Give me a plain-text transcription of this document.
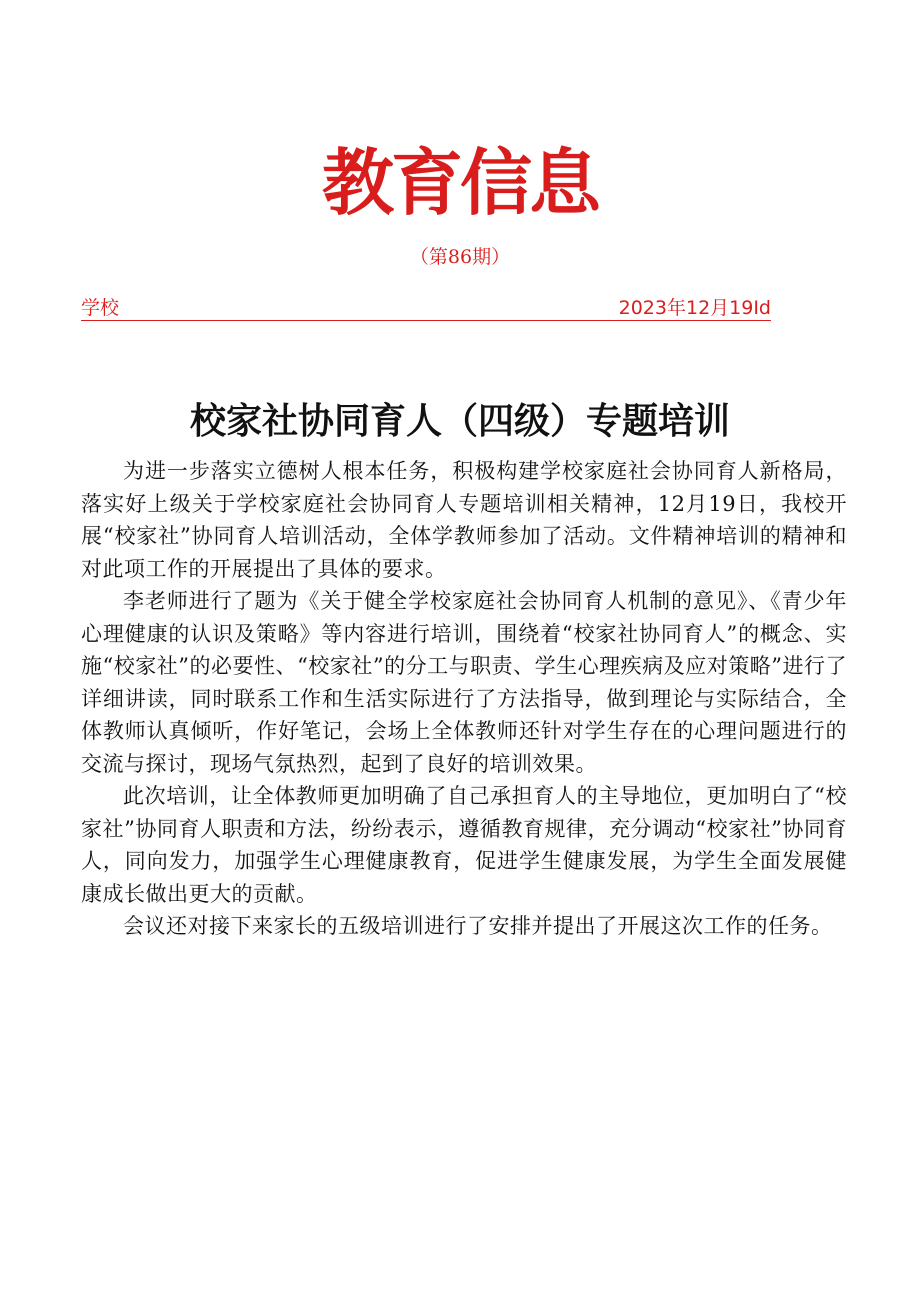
教育信息
（第86期）
学校	2023年12月19Id
校家社协同育人（四级）专题培训

为进一步落实立德树人根本任务，积极构建学校家庭社会协同育人新格局，落实好上级关于学校家庭社会协同育人专题培训相关精神，12月19日，我校开展“校家社”协同育人培训活动，全体学教师参加了活动。文件精神培训的精神和对此项工作的开展提出了具体的要求。

李老师进行了题为《关于健全学校家庭社会协同育人机制的意见》、《青少年心理健康的认识及策略》等内容进行培训，围绕着“校家社协同育人”的概念、实施“校家社”的必要性、“校家社”的分工与职责、学生心理疾病及应对策略”进行了详细讲读，同时联系工作和生活实际进行了方法指导，做到理论与实际结合，全体教师认真倾听，作好笔记，会场上全体教师还针对学生存在的心理问题进行的交流与探讨，现场气氛热烈，起到了良好的培训效果。

此次培训，让全体教师更加明确了自己承担育人的主导地位，更加明白了“校家社”协同育人职责和方法，纷纷表示，遵循教育规律，充分调动“校家社”协同育人，同向发力，加强学生心理健康教育，促进学生健康发展，为学生全面发展健康成长做出更大的贡献。

会议还对接下来家长的五级培训进行了安排并提出了开展这次工作的任务。
